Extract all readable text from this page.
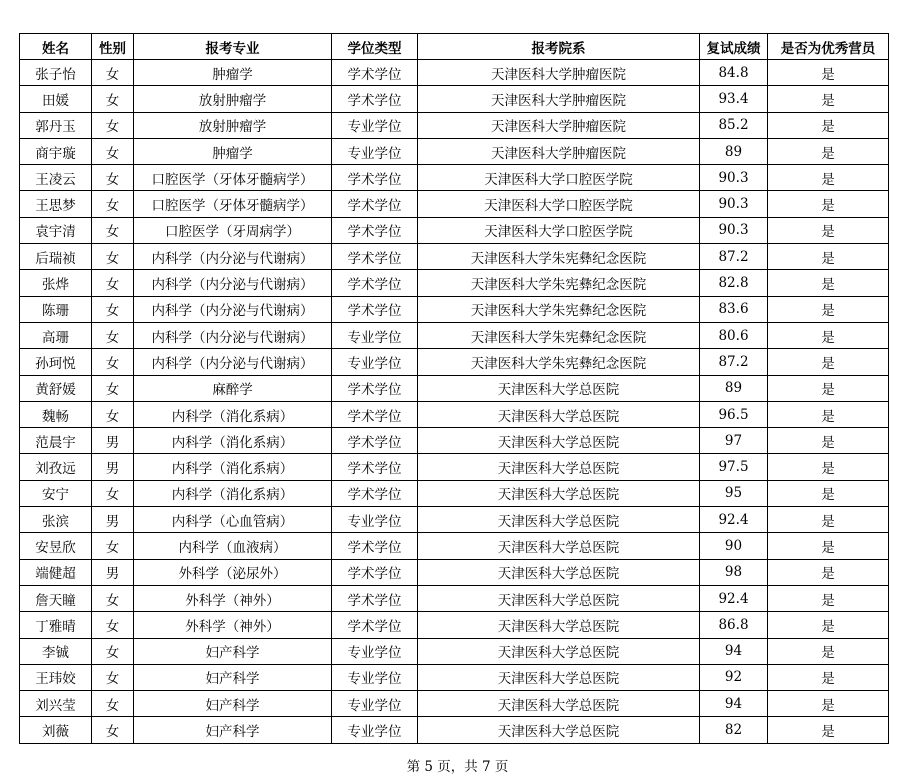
姓名	性别	报考专业	学位类型	报考院系	复试成绩	是否为优秀营员
张子怡	女	肿瘤学	学术学位	天津医科大学肿瘤医院	84.8	是
田媛	女	放射肿瘤学	学术学位	天津医科大学肿瘤医院	93.4	是
郭丹玉	女	放射肿瘤学	专业学位	天津医科大学肿瘤医院	85.2	是
商宇璇	女	肿瘤学	专业学位	天津医科大学肿瘤医院	89	是
王凌云	女	口腔医学（牙体牙髓病学）	学术学位	天津医科大学口腔医学院	90.3	是
王思梦	女	口腔医学（牙体牙髓病学）	学术学位	天津医科大学口腔医学院	90.3	是
袁宇清	女	口腔医学（牙周病学）	学术学位	天津医科大学口腔医学院	90.3	是
后瑞祯	女	内科学（内分泌与代谢病）	学术学位	天津医科大学朱宪彝纪念医院	87.2	是
张烨	女	内科学（内分泌与代谢病）	学术学位	天津医科大学朱宪彝纪念医院	82.8	是
陈珊	女	内科学（内分泌与代谢病）	学术学位	天津医科大学朱宪彝纪念医院	83.6	是
高珊	女	内科学（内分泌与代谢病）	专业学位	天津医科大学朱宪彝纪念医院	80.6	是
孙珂悦	女	内科学（内分泌与代谢病）	专业学位	天津医科大学朱宪彝纪念医院	87.2	是
黄舒媛	女	麻醉学	学术学位	天津医科大学总医院	89	是
魏畅	女	内科学（消化系病）	学术学位	天津医科大学总医院	96.5	是
范晨宇	男	内科学（消化系病）	学术学位	天津医科大学总医院	97	是
刘孜远	男	内科学（消化系病）	学术学位	天津医科大学总医院	97.5	是
安宁	女	内科学（消化系病）	学术学位	天津医科大学总医院	95	是
张滨	男	内科学（心血管病）	专业学位	天津医科大学总医院	92.4	是
安昱欣	女	内科学（血液病）	学术学位	天津医科大学总医院	90	是
端健超	男	外科学（泌尿外）	学术学位	天津医科大学总医院	98	是
詹天瞳	女	外科学（神外）	学术学位	天津医科大学总医院	92.4	是
丁雅晴	女	外科学（神外）	学术学位	天津医科大学总医院	86.8	是
李铖	女	妇产科学	专业学位	天津医科大学总医院	94	是
王玮姣	女	妇产科学	专业学位	天津医科大学总医院	92	是
刘兴莹	女	妇产科学	专业学位	天津医科大学总医院	94	是
刘薇	女	妇产科学	专业学位	天津医科大学总医院	82	是
第 5 页，共 7 页
